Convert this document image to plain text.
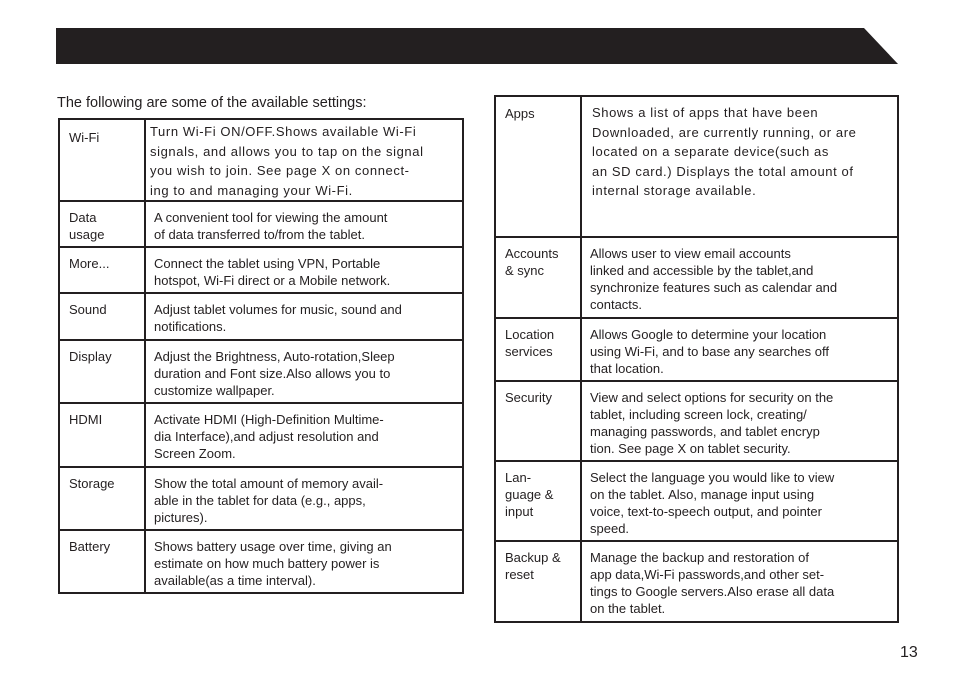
The following are some of the available settings:
Wi-Fi	Turn Wi-Fi ON/OFF.Shows available Wi-Fi
signals, and allows you to tap on the signal
you wish to join. See page X on connect-
ing to and managing your Wi-Fi.
Data
usage	A convenient tool for viewing the amount
of data transferred to/from the tablet.
More...	Connect the tablet using VPN, Portable
hotspot, Wi-Fi direct or a Mobile network.
Sound	Adjust tablet volumes for music, sound and
notifications.
Display	Adjust the Brightness, Auto-rotation,Sleep
duration and Font size.Also allows you to
customize wallpaper.
HDMI	Activate HDMI (High-Definition Multime-
dia Interface),and adjust resolution and
Screen Zoom.
Storage	Show the total amount of memory avail-
able in the tablet for data (e.g., apps,
pictures).
Battery	Shows battery usage over time, giving an
estimate on how much battery power is
available(as a time interval).
Apps	Shows a list of apps that have been
Downloaded, are currently running, or are
located on a separate device(such as
an SD card.) Displays the total amount of
internal storage available.
Accounts
& sync	Allows user to view email accounts
linked and accessible by the tablet,and
synchronize features such as calendar and
contacts.
Location
services	Allows Google to determine your location
using Wi-Fi, and to base any searches off
that location.
Security	View and select options for security on the
tablet, including screen lock, creating/
managing passwords, and tablet encryp
tion. See page X on tablet security.
Lan-
guage &
input	Select the language you would like to view
on the tablet. Also, manage input using
voice, text-to-speech output, and pointer
speed.
Backup &
reset	Manage the backup and restoration of
app data,Wi-Fi passwords,and other set-
tings to Google servers.Also erase all data
on the tablet.
13
